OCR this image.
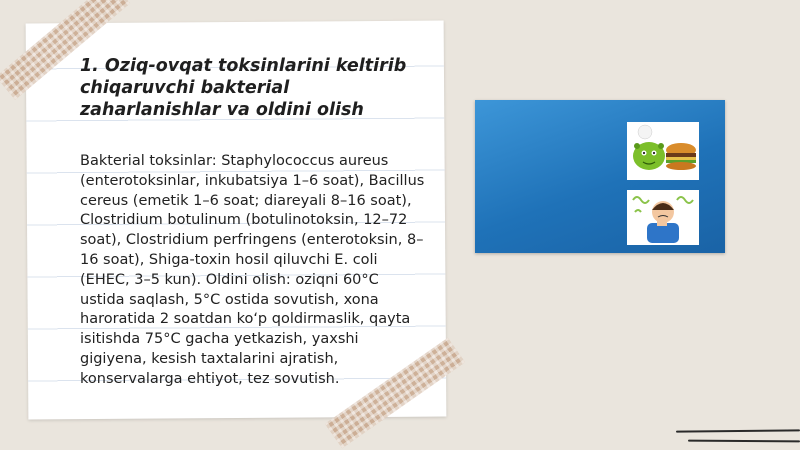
1. Oziq-ovqat toksinlarini keltirib chiqaruvchi bakterial zaharlanishlar va oldini olish

Bakterial toksinlar: Staphylococcus aureus (enterotoksinlar, inkubatsiya 1–6 soat), Bacillus cereus (emetik 1–6 soat; diareyali 8–16 soat), Clostridium botulinum (botulinotoksin, 12–72 soat), Clostridium perfringens (enterotoksin, 8–16 soat), Shiga-toxin hosil qiluvchi E. coli (EHEC, 3–5 kun). Oldini olish: oziqni 60°C ustida saqlash, 5°C ostida sovutish, xona haroratida 2 soatdan ko‘p qoldirmaslik, qayta isitishda 75°C gacha yetkazish, yaxshi gigiyena, kesish taxtalarini ajratish, konservalarga ehtiyot, tez sovutish.
